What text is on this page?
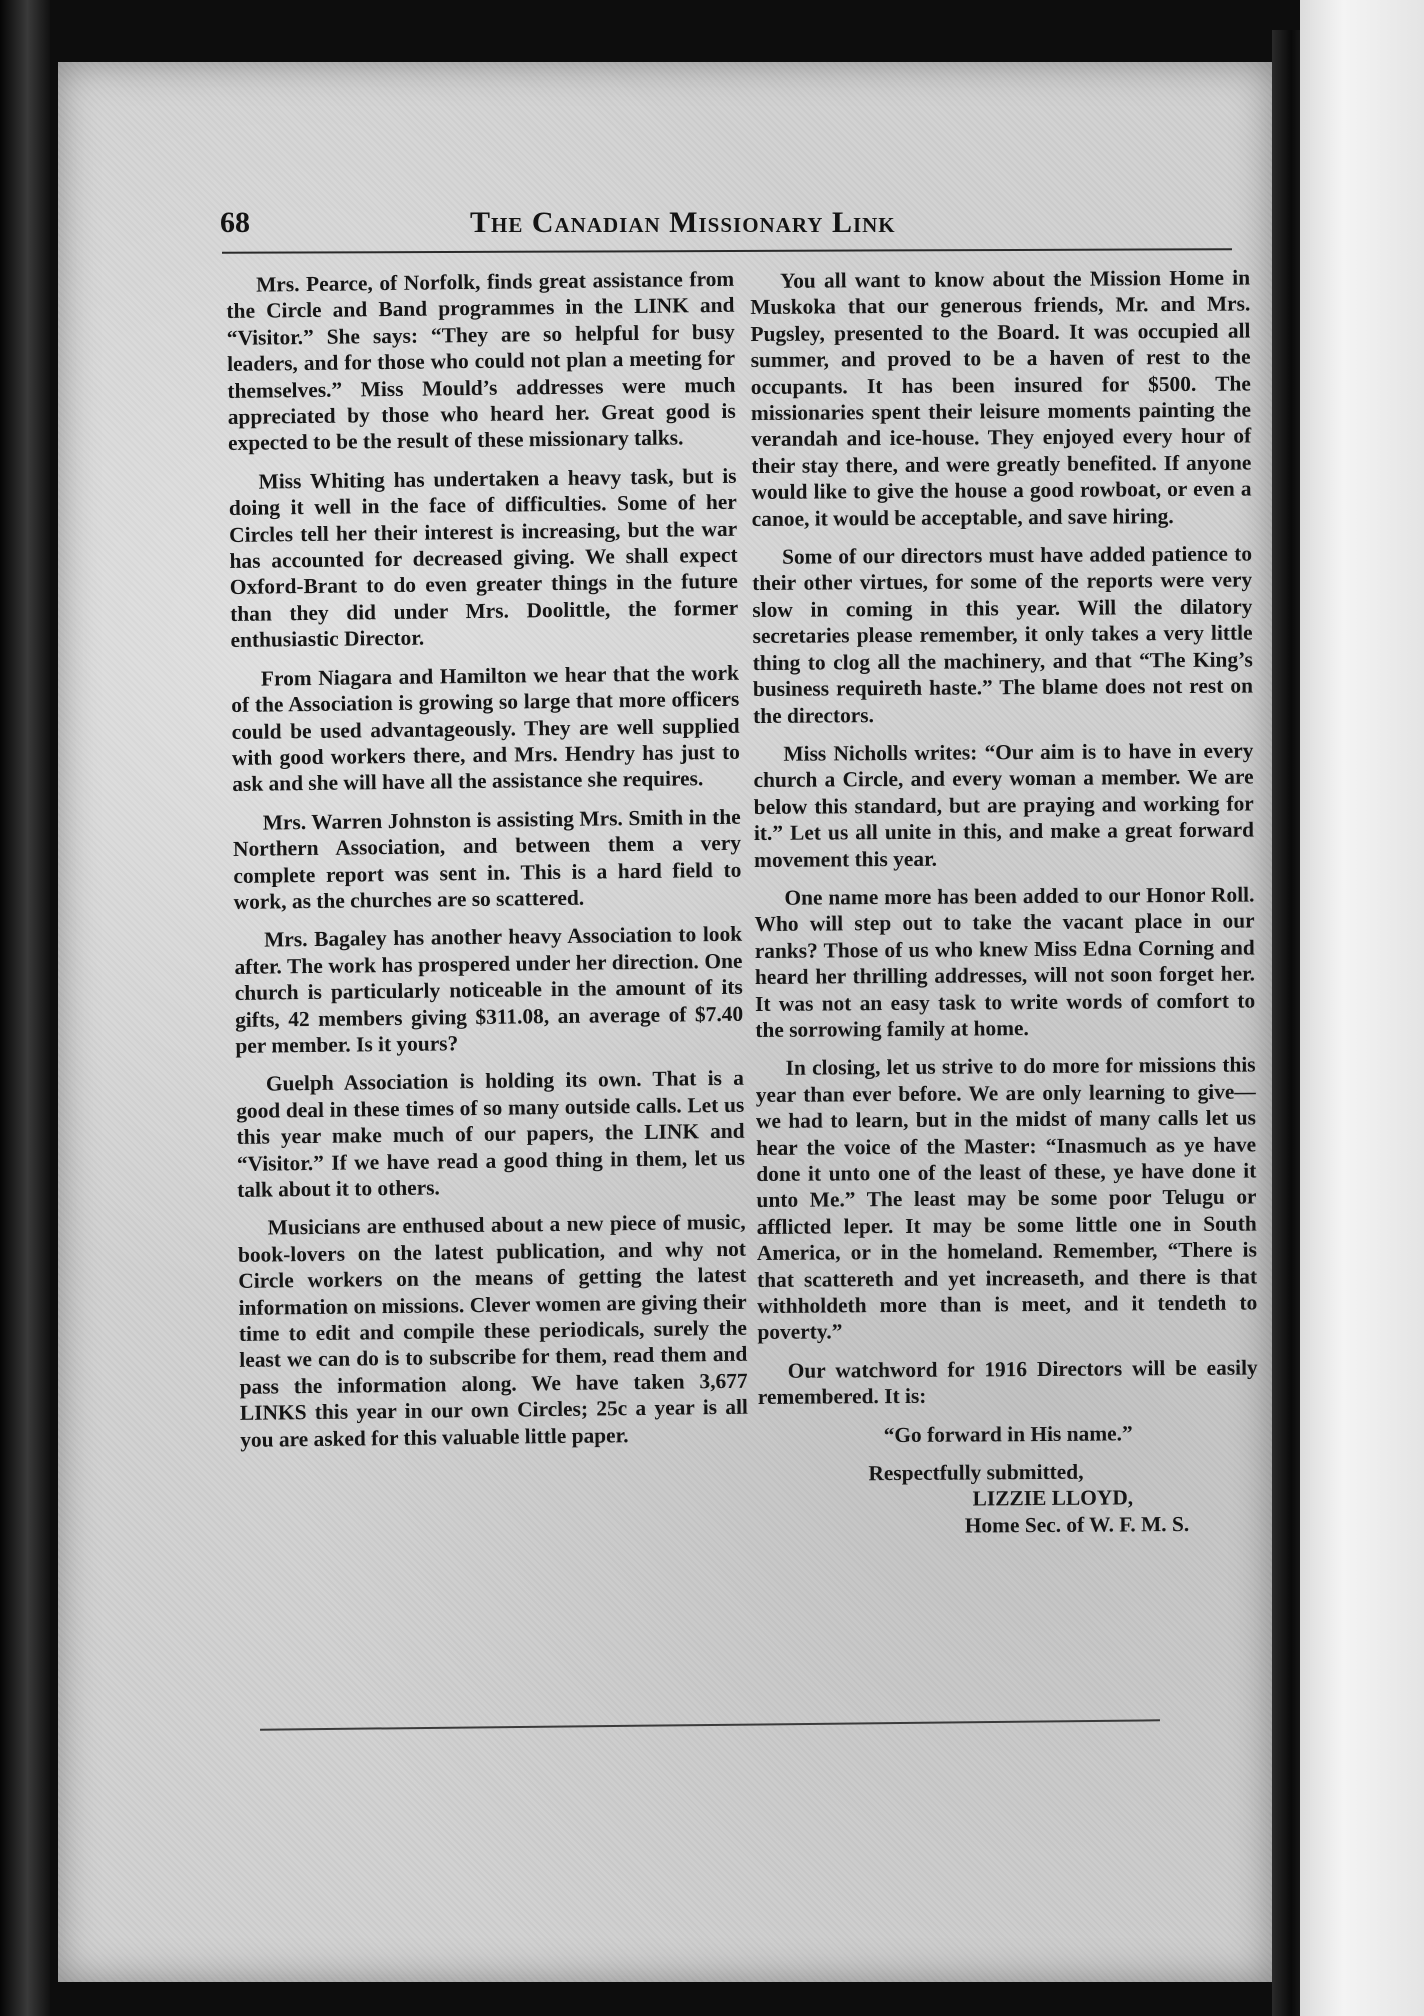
68	The Canadian Missionary Link

Mrs. Pearce, of Norfolk, finds great assistance from the Circle and Band programmes in the LINK and “Visitor.” She says: “They are so helpful for busy leaders, and for those who could not plan a meeting for themselves.” Miss Mould’s addresses were much appreciated by those who heard her. Great good is expected to be the result of these missionary talks.

Miss Whiting has undertaken a heavy task, but is doing it well in the face of difficulties. Some of her Circles tell her their interest is increasing, but the war has accounted for decreased giving. We shall expect Oxford-Brant to do even greater things in the future than they did under Mrs. Doolittle, the former enthusiastic Director.

From Niagara and Hamilton we hear that the work of the Association is growing so large that more officers could be used advantageously. They are well supplied with good workers there, and Mrs. Hendry has just to ask and she will have all the assistance she requires.

Mrs. Warren Johnston is assisting Mrs. Smith in the Northern Association, and between them a very complete report was sent in. This is a hard field to work, as the churches are so scattered.

Mrs. Bagaley has another heavy Association to look after. The work has prospered under her direction. One church is particularly noticeable in the amount of its gifts, 42 members giving $311.08, an average of $7.40 per member. Is it yours?

Guelph Association is holding its own. That is a good deal in these times of so many outside calls. Let us this year make much of our papers, the LINK and “Visitor.” If we have read a good thing in them, let us talk about it to others.

Musicians are enthused about a new piece of music, book-lovers on the latest publication, and why not Circle workers on the means of getting the latest information on missions. Clever women are giving their time to edit and compile these periodicals, surely the least we can do is to subscribe for them, read them and pass the information along. We have taken 3,677 LINKS this year in our own Circles; 25c a year is all you are asked for this valuable little paper.

You all want to know about the Mission Home in Muskoka that our generous friends, Mr. and Mrs. Pugsley, presented to the Board. It was occupied all summer, and proved to be a haven of rest to the occupants. It has been insured for $500. The missionaries spent their leisure moments painting the verandah and ice-house. They enjoyed every hour of their stay there, and were greatly benefited. If anyone would like to give the house a good rowboat, or even a canoe, it would be acceptable, and save hiring.

Some of our directors must have added patience to their other virtues, for some of the reports were very slow in coming in this year. Will the dilatory secretaries please remember, it only takes a very little thing to clog all the machinery, and that “The King’s business requireth haste.” The blame does not rest on the directors.

Miss Nicholls writes: “Our aim is to have in every church a Circle, and every woman a member. We are below this standard, but are praying and working for it.” Let us all unite in this, and make a great forward movement this year.

One name more has been added to our Honor Roll. Who will step out to take the vacant place in our ranks? Those of us who knew Miss Edna Corning and heard her thrilling addresses, will not soon forget her. It was not an easy task to write words of comfort to the sorrowing family at home.

In closing, let us strive to do more for missions this year than ever before. We are only learning to give—we had to learn, but in the midst of many calls let us hear the voice of the Master: “Inasmuch as ye have done it unto one of the least of these, ye have done it unto Me.” The least may be some poor Telugu or afflicted leper. It may be some little one in South America, or in the homeland. Remember, “There is that scattereth and yet increaseth, and there is that withholdeth more than is meet, and it tendeth to poverty.”

Our watchword for 1916 Directors will be easily remembered. It is:

“Go forward in His name.”

Respectfully submitted,

LIZZIE LLOYD,

Home Sec. of W. F. M. S.
